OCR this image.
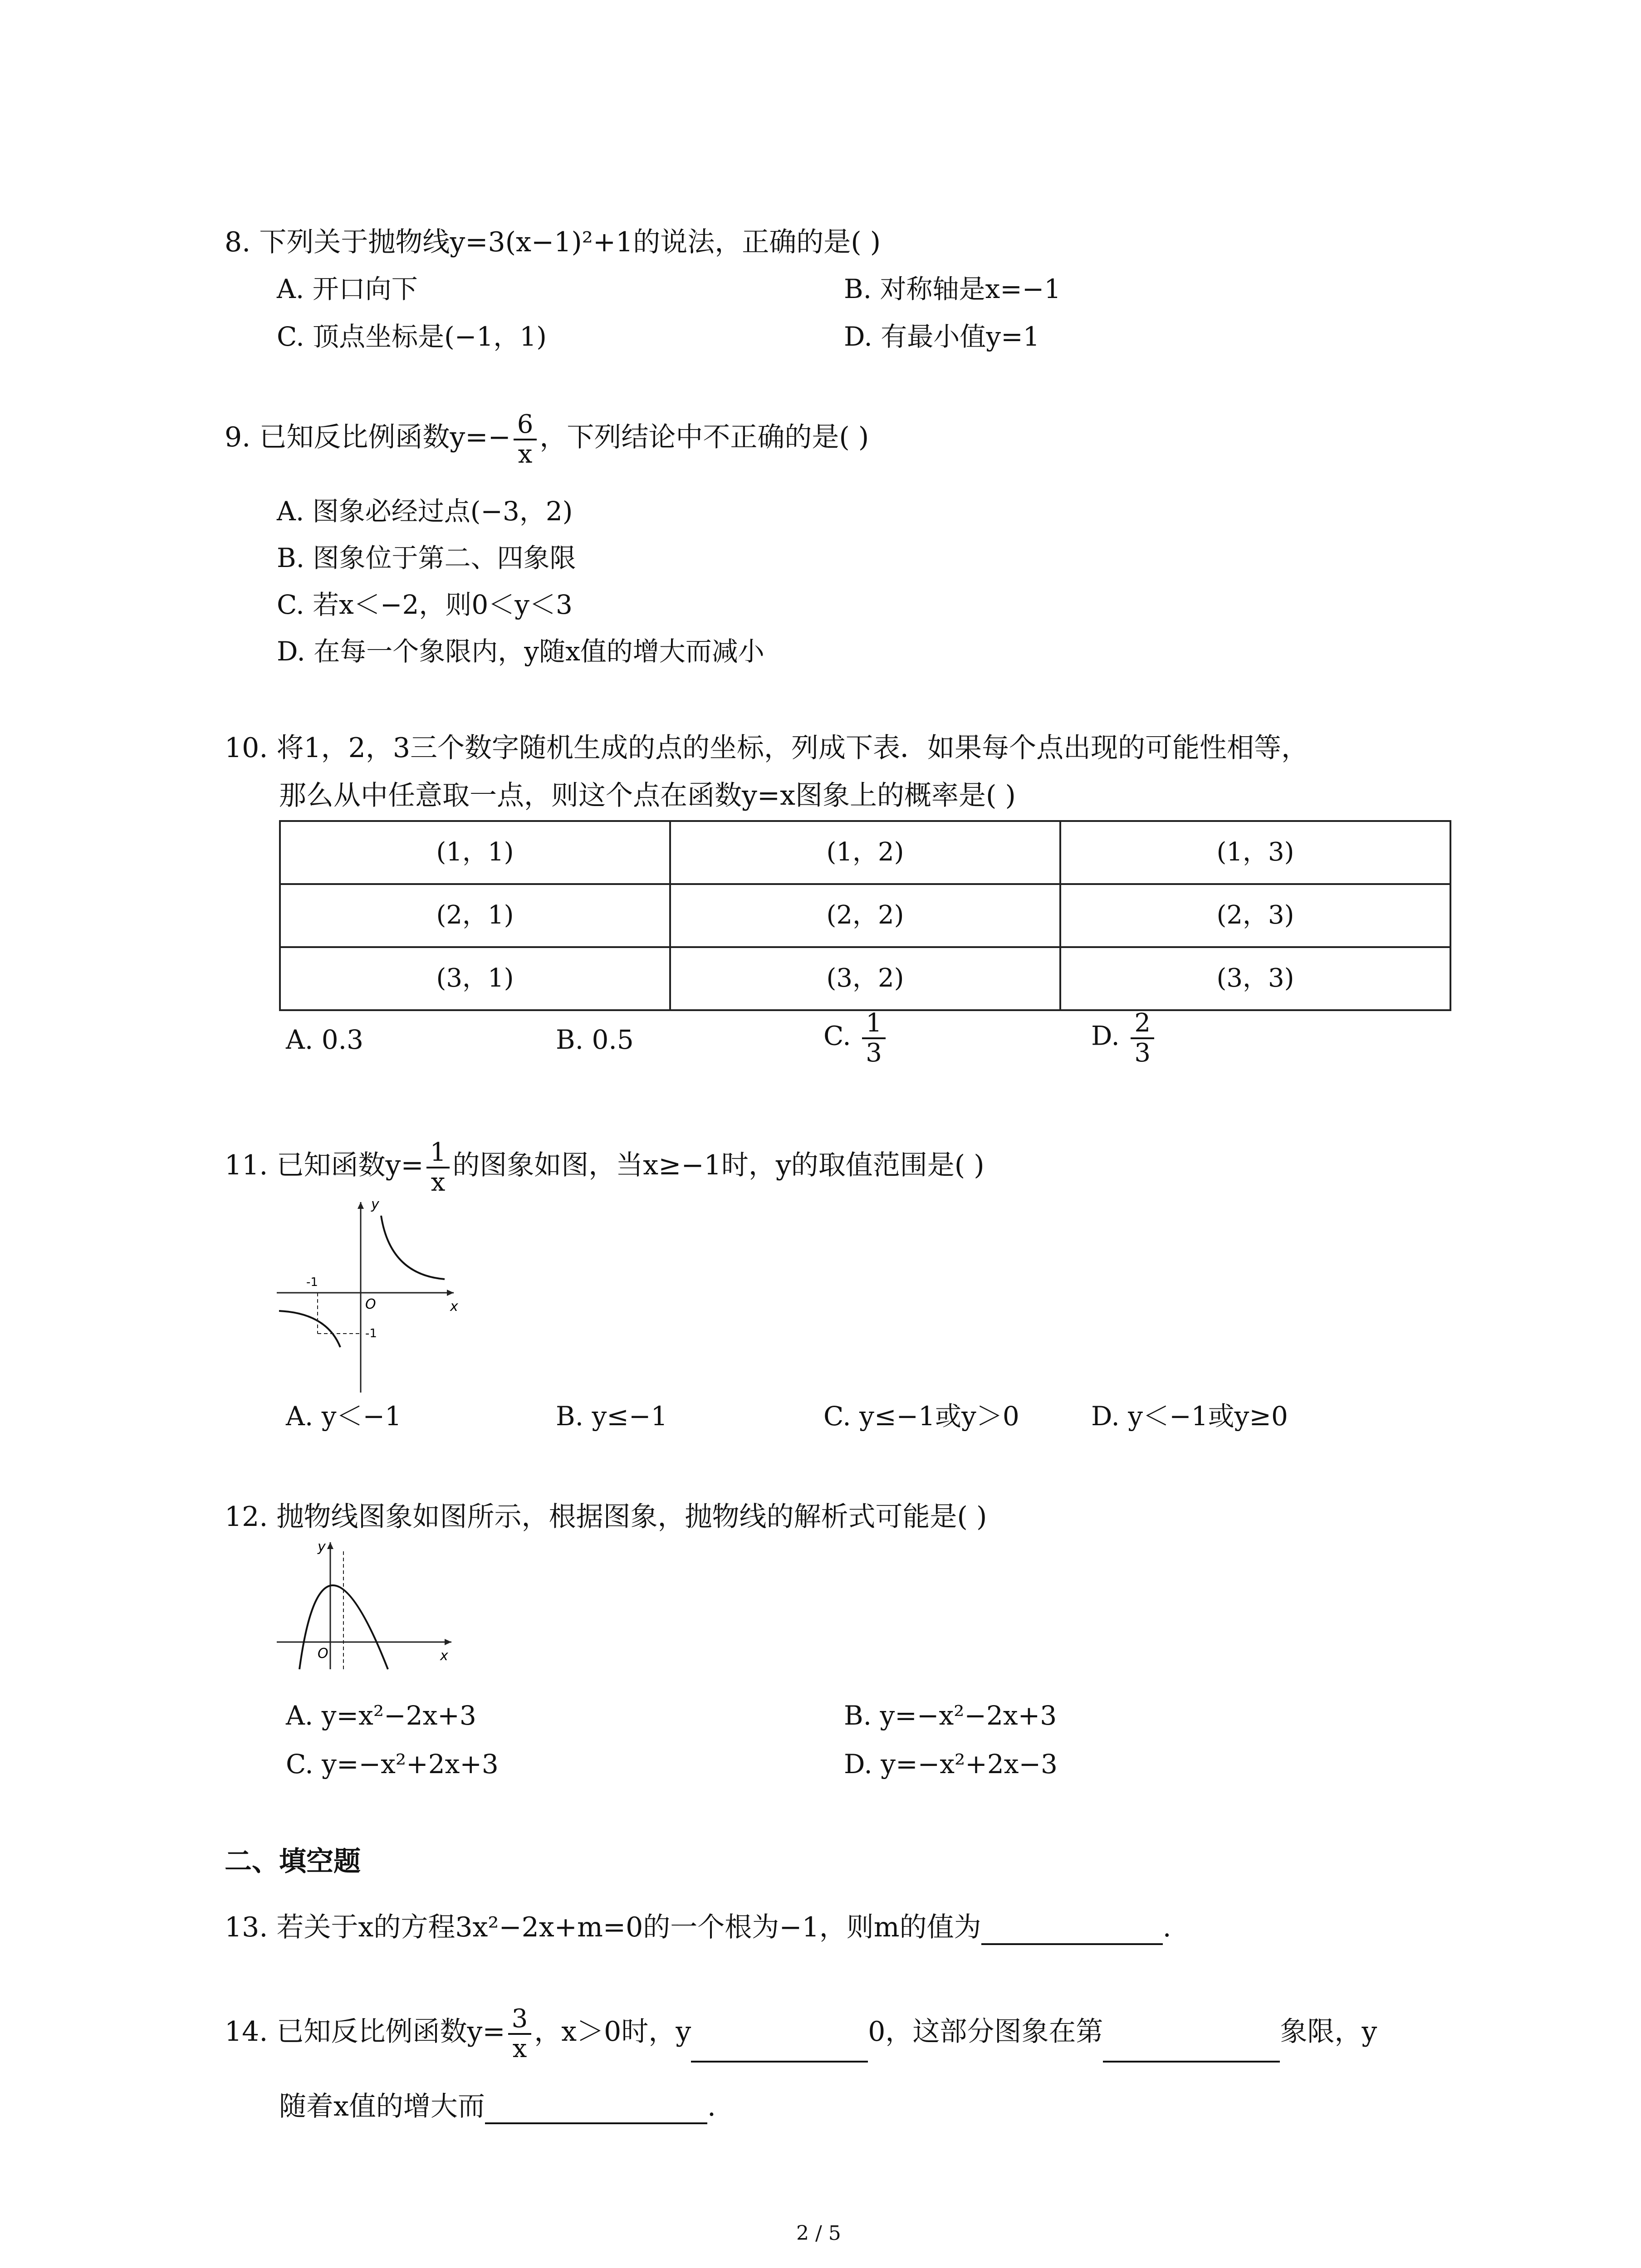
8. 下列关于抛物线y=3(x−1)²+1的说法，正确的是( )
A. 开口向下	B. 对称轴是x=−1
C. 顶点坐标是(−1，1)	D. 有最小值y=1
9. 已知反比例函数$y=- \frac{6}{x}$ ，下列结论中不正确的是( )
A. 图象必经过点(−3，2)
B. 图象位于第二、四象限
C. 若x＜−2，则0＜y＜3
D. 在每一个象限内，y随x值的增大而减小
10. 将1，2，3三个数字随机生成的点的坐标，列成下表．如果每个点出现的可能性相等，
那么从中任意取一点，则这个点在函数y=x图象上的概率是( )
(1，1)	(1，2)	(1，3)
(2，1)	(2，2)	(2，3)
(3，1)	(3，2)	(3，3)
A. 0.3	B. 0.5	C. $\frac{1}{3}$	D. $\frac{2}{3}$
11. 已知函数$y= \frac{1}{x}$ 的图象如图，当x≥−1时，y的取值范围是( )
y
x
O
-1
-1
A. y＜−1	B. y≤−1	C. y≤−1或y＞0	D. y＜−1或y≥0
12. 抛物线图象如图所示，根据图象，抛物线的解析式可能是( )
y
x
O
A. y=x²−2x+3	B. y=−x²−2x+3
C. y=−x²+2x+3	D. y=−x²+2x−3
二、填空题
13. 若关于x的方程3x²−2x+m=0的一个根为−1，则m的值为	.
14. 已知反比例函数$y= \frac{3}{x}$ ，x＞0时，y	0，这部分图象在第	象限，y
随着x值的增大而	.
2 / 5
